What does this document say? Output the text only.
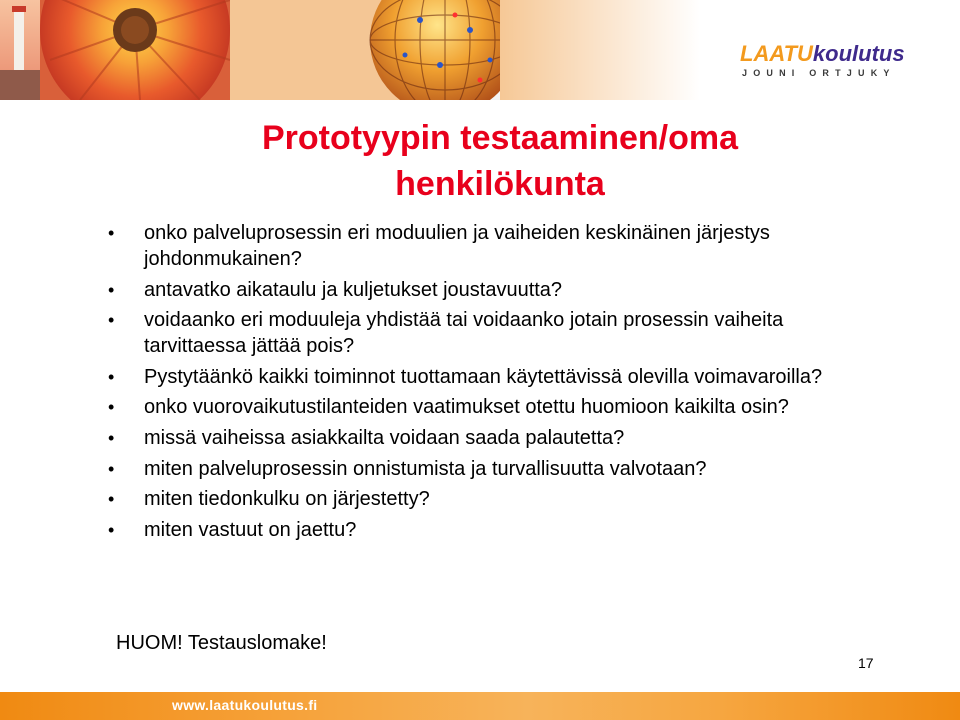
LAATUkoulutus
JOUNI ORTJUKY
Prototyypin testaaminen/oma
henkilökunta
• onko palveluprosessin eri moduulien ja vaiheiden keskinäinen järjestys johdonmukainen?
• antavatko aikataulu ja kuljetukset joustavuutta?
• voidaanko eri moduuleja yhdistää tai voidaanko jotain prosessin vaiheita tarvittaessa jättää pois?
• Pystytäänkö kaikki toiminnot tuottamaan käytettävissä olevilla voimavaroilla?
• onko vuorovaikutustilanteiden vaatimukset otettu huomioon kaikilta osin?
• missä vaiheissa asiakkailta voidaan saada palautetta?
• miten palveluprosessin onnistumista ja turvallisuutta valvotaan?
• miten tiedonkulku on järjestetty?
• miten vastuut on jaettu?

HUOM! Testauslomake!

17
www.laatukoulutus.fi
